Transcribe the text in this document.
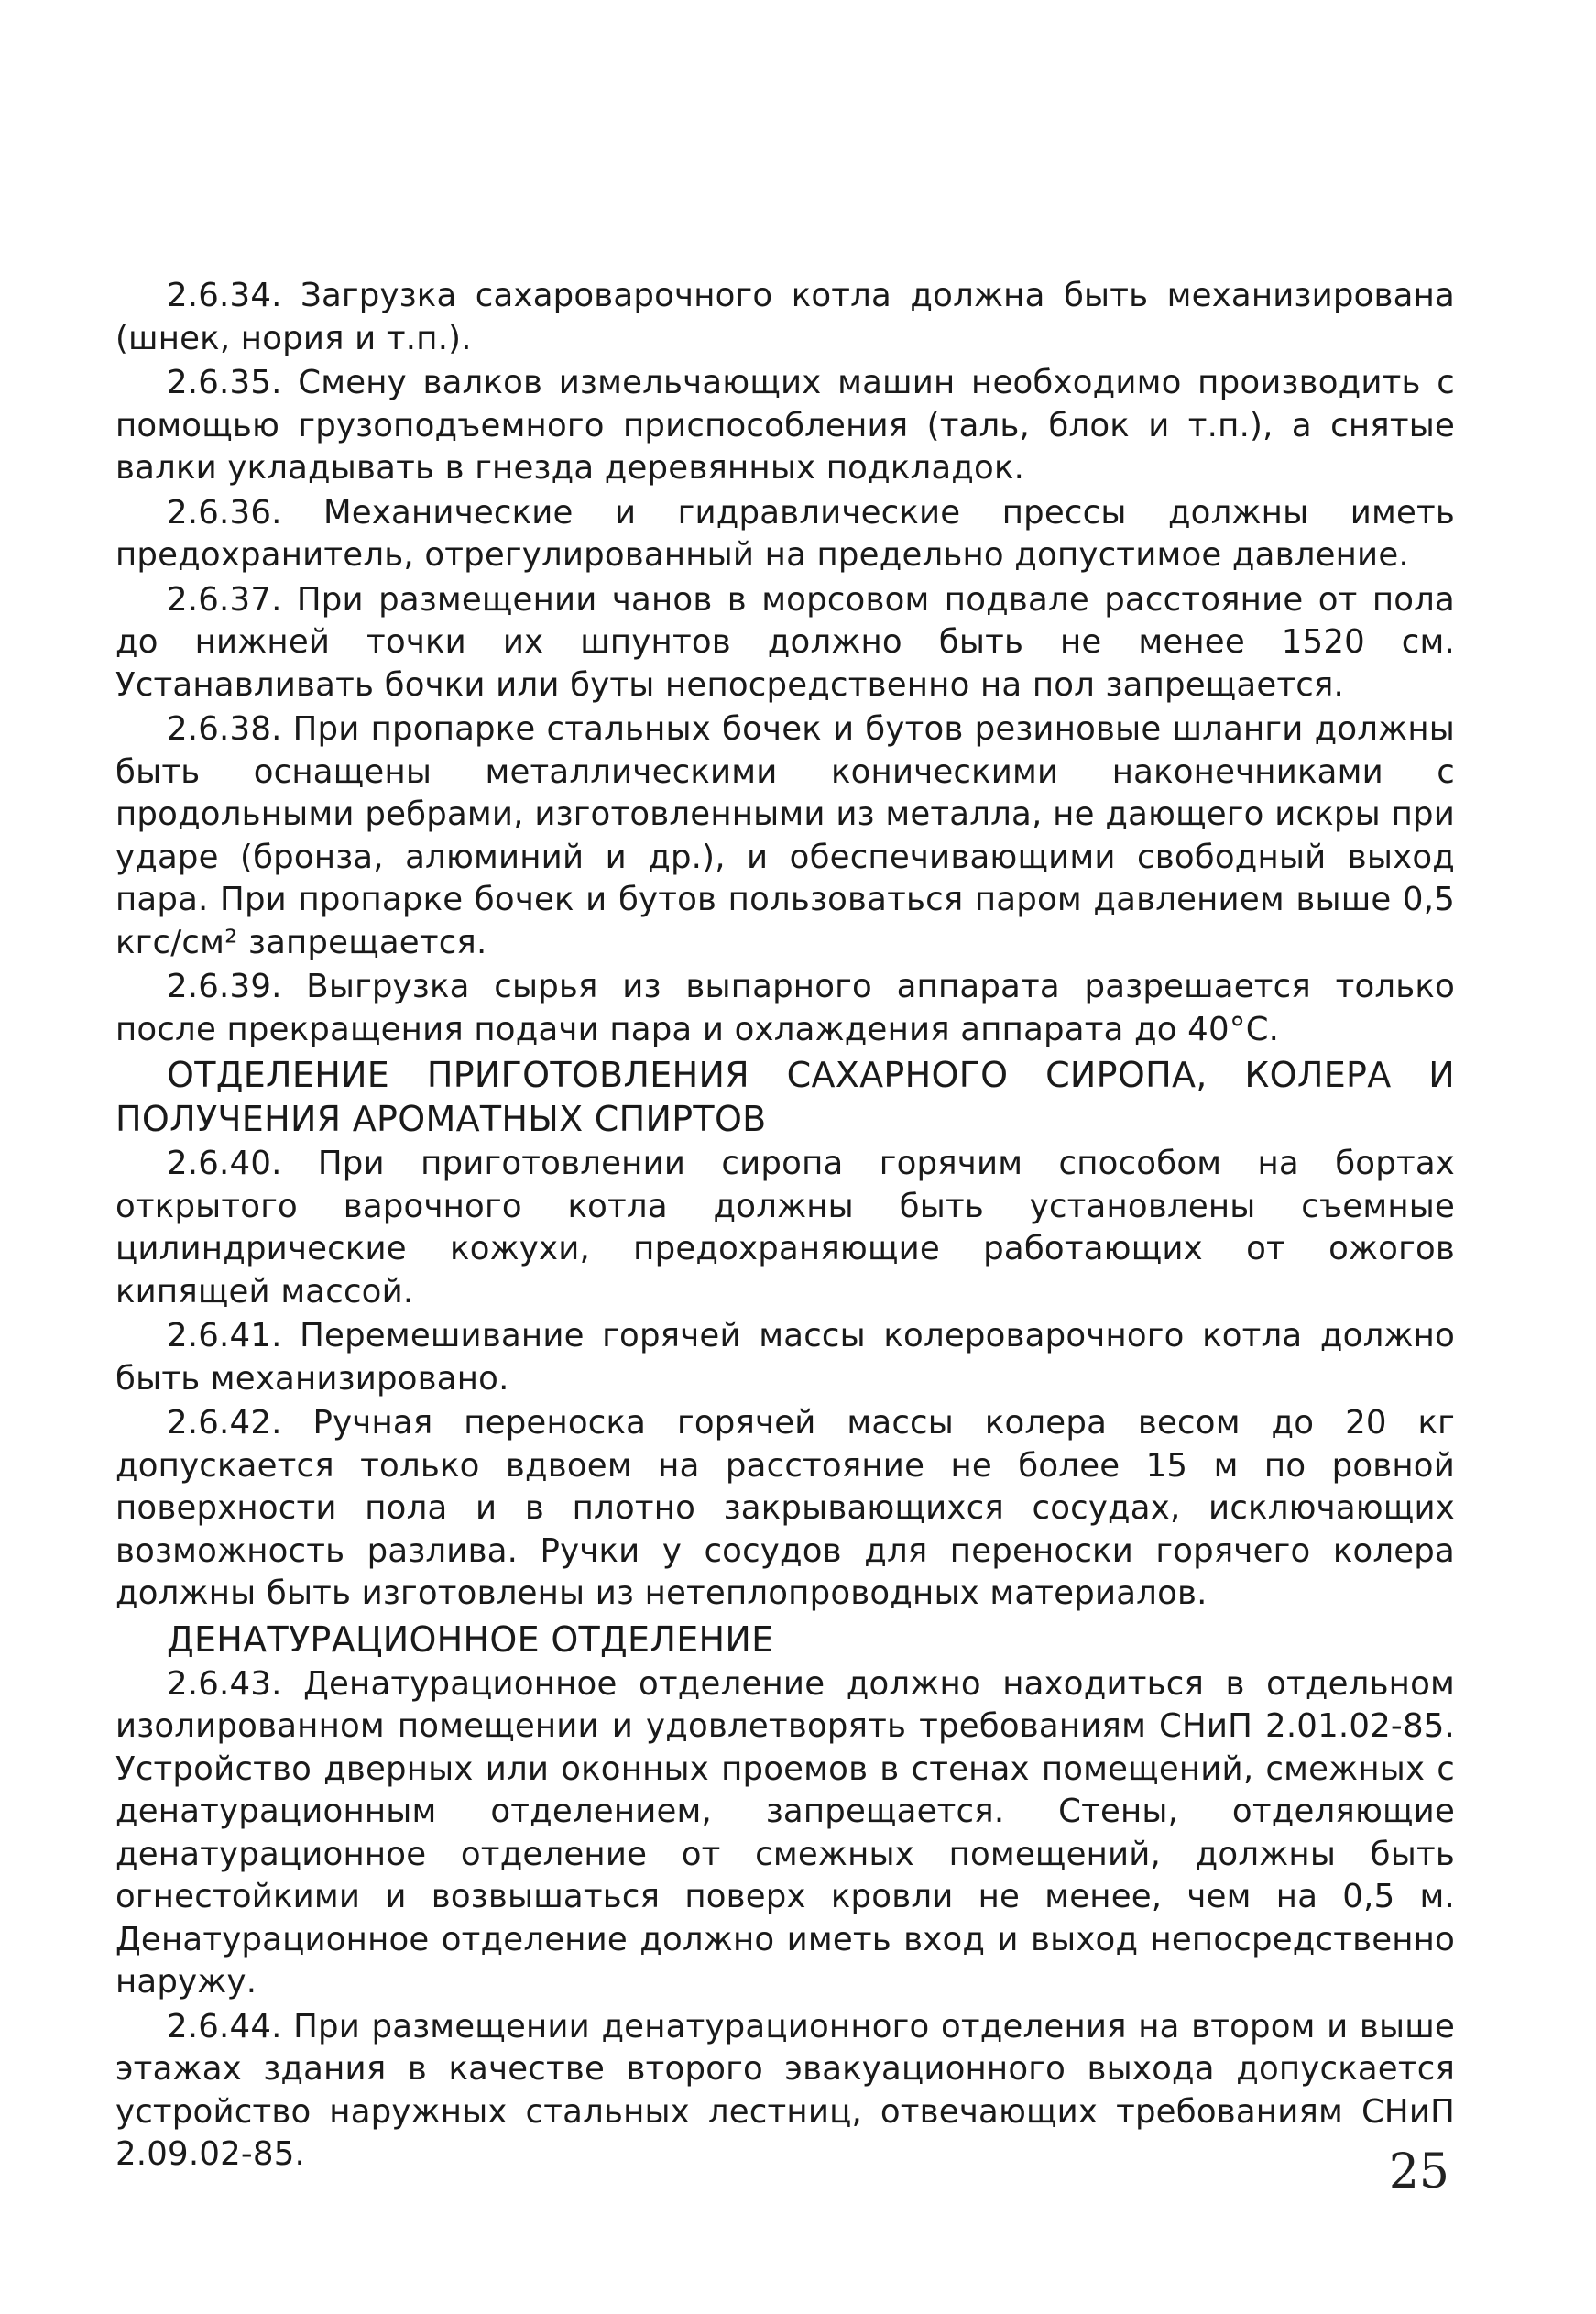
2.6.34. Загрузка сахароварочного котла должна быть механизирована (шнек, нория и т.п.).

2.6.35. Смену валков измельчающих машин необходимо производить с помощью грузоподъемного приспособления (таль, блок и т.п.), а снятые валки укладывать в гнезда деревянных подкладок.

2.6.36. Механические и гидравлические прессы должны иметь предохранитель, отрегулированный на предельно допустимое давление.

2.6.37. При размещении чанов в морсовом подвале расстояние от пола до нижней точки их шпунтов должно быть не менее 1520 см. Устанавливать бочки или буты непосредственно на пол запрещается.

2.6.38. При пропарке стальных бочек и бутов резиновые шланги должны быть оснащены металлическими коническими наконечниками с продольными ребрами, изготовленными из металла, не дающего искры при ударе (бронза, алюминий и др.), и обеспечивающими свободный выход пара. При пропарке бочек и бутов пользоваться паром давлением выше 0,5 кгс/см² запрещается.

2.6.39. Выгрузка сырья из выпарного аппарата разрешается только после прекращения подачи пара и охлаждения аппарата до 40°С.

ОТДЕЛЕНИЕ ПРИГОТОВЛЕНИЯ САХАРНОГО СИРОПА, КОЛЕРА И ПОЛУЧЕНИЯ АРОМАТНЫХ СПИРТОВ

2.6.40. При приготовлении сиропа горячим способом на бортах открытого варочного котла должны быть установлены съемные цилиндрические кожухи, предохраняющие работающих от ожогов кипящей массой.

2.6.41. Перемешивание горячей массы колероварочного котла должно быть механизировано.

2.6.42. Ручная переноска горячей массы колера весом до 20 кг допускается только вдвоем на расстояние не более 15 м по ровной поверхности пола и в плотно закрывающихся сосудах, исключающих возможность разлива. Ручки у сосудов для переноски горячего колера должны быть изготовлены из нетеплопроводных материалов.

ДЕНАТУРАЦИОННОЕ ОТДЕЛЕНИЕ

2.6.43. Денатурационное отделение должно находиться в отдельном изолированном помещении и удовлетворять требованиям СНиП 2.01.02-85. Устройство дверных или оконных проемов в стенах помещений, смежных с денатурационным отделением, запрещается. Стены, отделяющие денатурационное отделение от смежных помещений, должны быть огнестойкими и возвышаться поверх кровли не менее, чем на 0,5 м. Денатурационное отделение должно иметь вход и выход непосредственно наружу.

2.6.44. При размещении денатурационного отделения на втором и выше этажах здания в качестве второго эвакуационного выхода допускается устройство наружных стальных лестниц, отвечающих требованиям СНиП 2.09.02-85.	25
